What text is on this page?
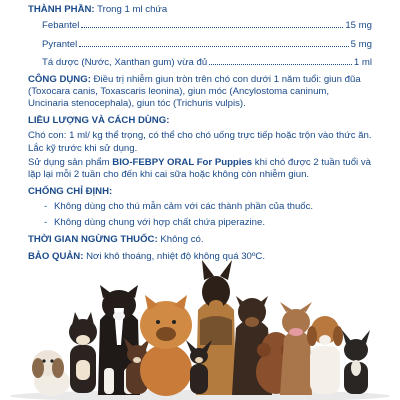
THÀNH PHẦN: Trong 1 ml chứa
Febantel	15 mg
Pyrantel	5 mg
Tá dược (Nước, Xanthan gum) vừa đủ	1 ml

CÔNG DỤNG: Điều trị nhiễm giun tròn trên chó con dưới 1 năm tuổi: giun đũa (Toxocara canis, Toxascaris leonina), giun móc (Ancylostoma caninum, Uncinaria stenocephala), giun tóc (Trichuris vulpis).

LIỀU LƯỢNG VÀ CÁCH DÙNG:

Chó con: 1 ml/ kg thể trọng, có thể cho chó uống trực tiếp hoặc trộn vào thức ăn. Lắc kỹ trước khi sử dụng.

Sử dụng sản phẩm BIO-FEBPY ORAL For Puppies khi chó được 2 tuần tuổi và lặp lại mỗi 2 tuần cho đến khi cai sữa hoặc không còn nhiễm giun.

CHỐNG CHỈ ĐỊNH:
- Không dùng cho thú mẫn cảm với các thành phần của thuốc.
- Không dùng chung với hợp chất chứa piperazine.
THỜI GIAN NGỪNG THUỐC: Không có.
BẢO QUẢN: Nơi khô thoáng, nhiệt độ không quá 30ºC.
